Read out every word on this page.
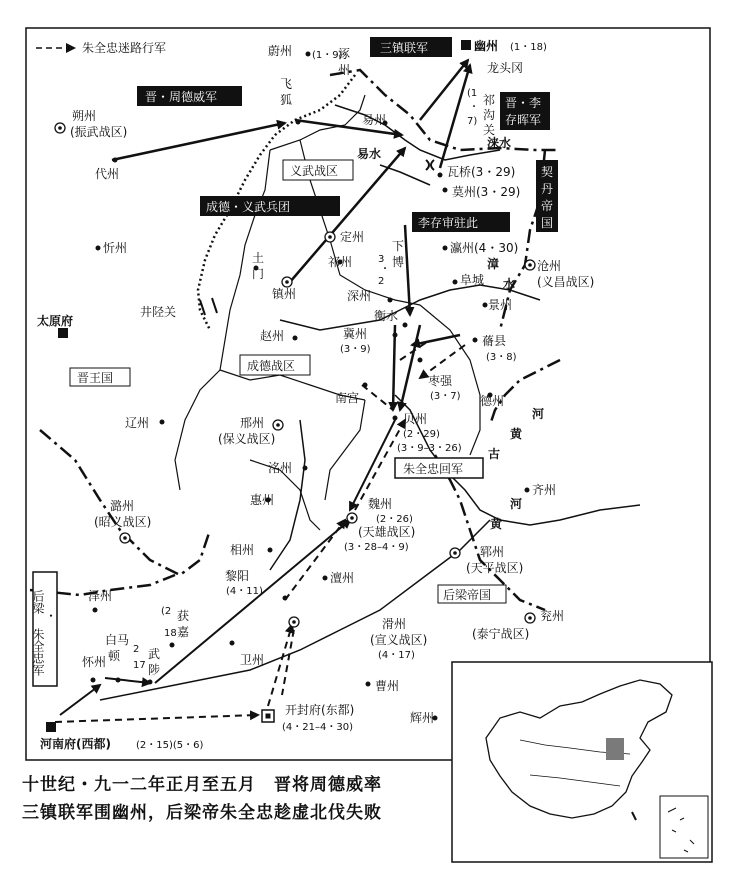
朱全忠迷路行军
晋・周德威军
三镇联军
晋・李
存晖军
成德・义武兵团
李存审驻此
朱全忠回军
后梁
・
朱全忠军
义武战区
成德战区
晋王国
后梁帝国
契
丹
帝
国
易水
涞水
漳
水
河
黄
古
河
黄
幽州 (1・18)
龙头冈
蔚州 (1・9)
涿
州
飞
狐	(1
・
7)
祁
沟
关
朔州
(振武战区)
代州
易州
瓦桥(3・29)
莫州(3・29)
忻州
定州
祁州
土
门
镇州
下
博
3
・
2
瀛州(4・30)
阜城
沧州
(义昌战区)
太原府
井陉关
深州
衡水
赵州	冀州
(3・9)
景州
蓨县
(3・8)
枣强
(3・7)
南宫	德州
辽州	邢州
(保义战区)
贝州
(2・29)
(3・9–3・26)
洺州
惠州
潞州
(昭义战区)
魏州
(2・26)
(天雄战区)
(3・28–4・9)
齐州
相州
黎阳
(4・11)
澶州
郓州
(天平战区)
泽州
获
嘉
(2
18
白马
顿
怀州
武
陟
2
17	卫州
滑州
(宣义战区)
(4・17)
兖州
(泰宁战区)
曹州
开封府(东都)
(4・21–4・30)
辉州
河南府(西都)	(2・15)(5・6)
十世纪・九一二年正月至五月　晋将周德威率
三镇联军围幽州，后梁帝朱全忠趁虚北伐失败
